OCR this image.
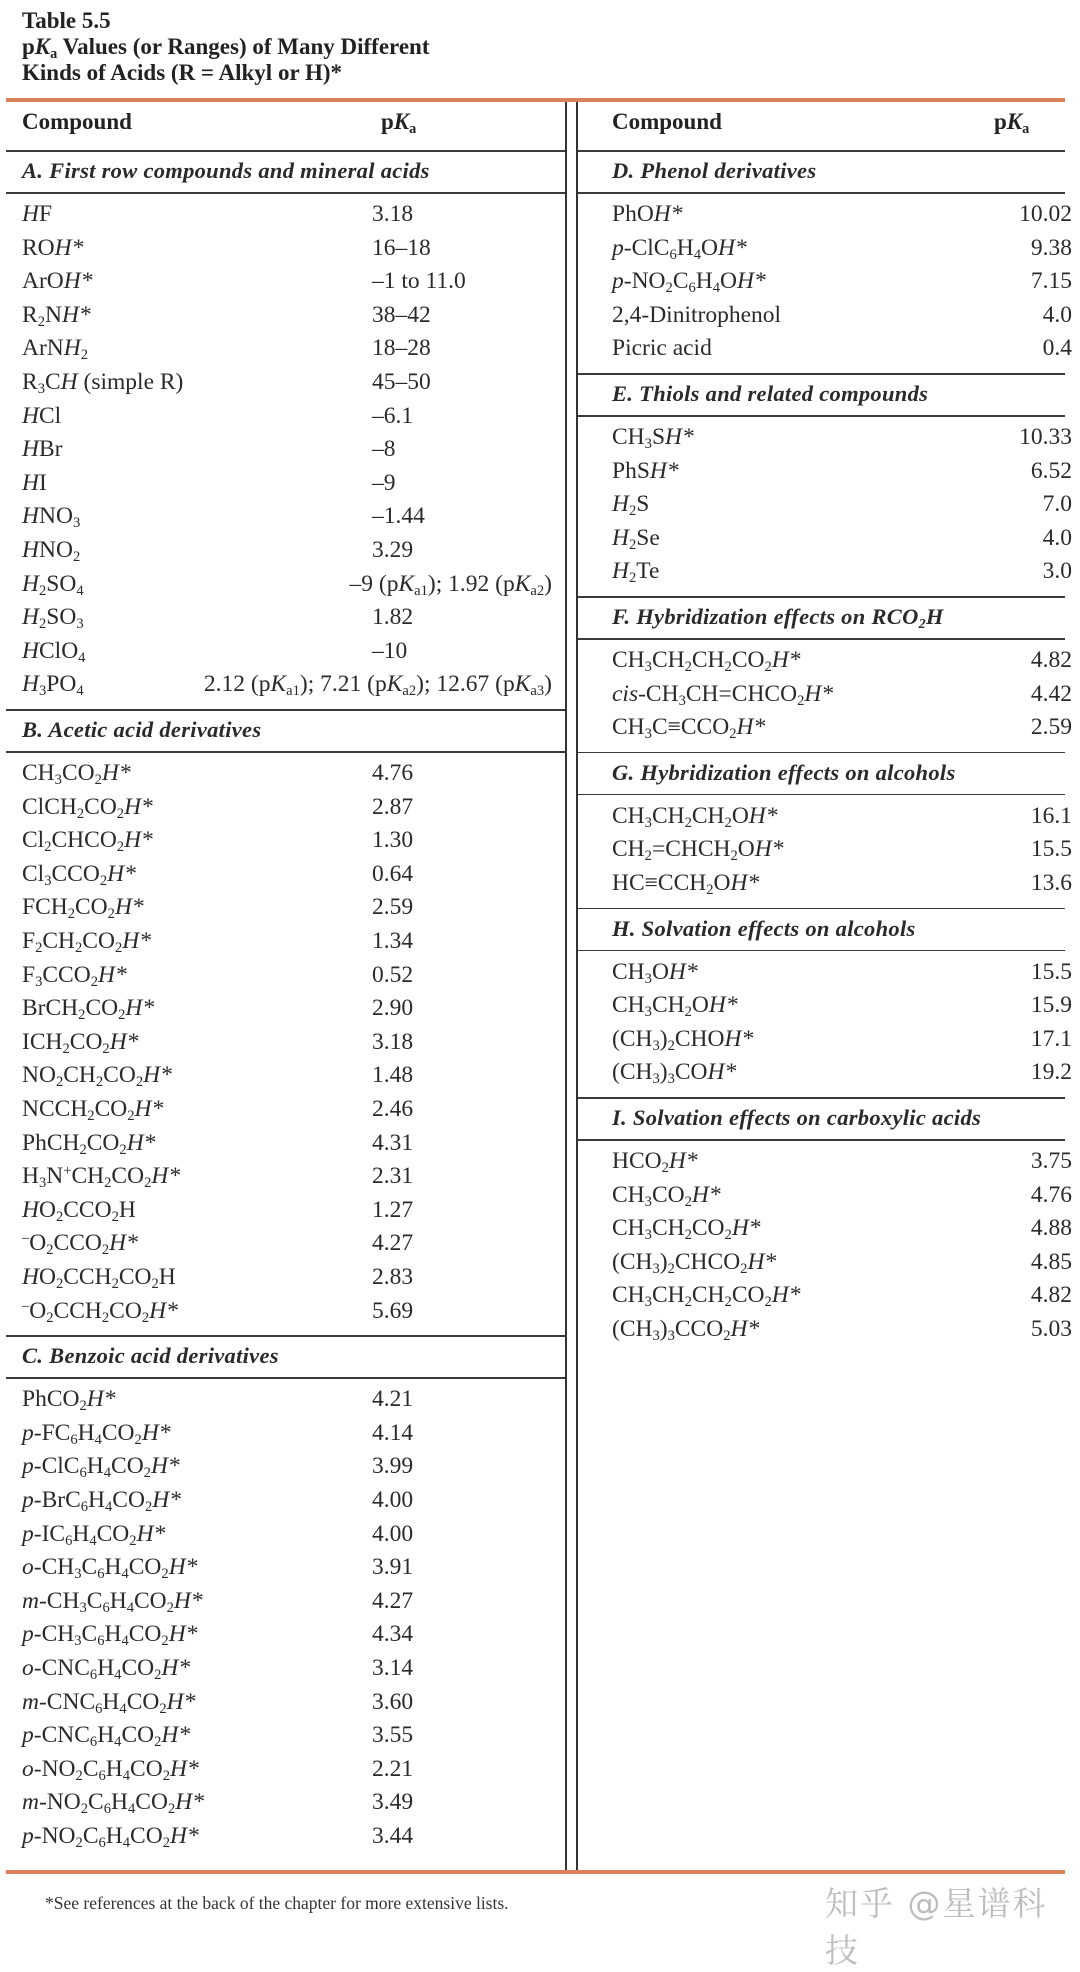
Table 5.5
$pK_a$ Values (or Ranges) of Many Different
Kinds of Acids (R = Alkyl or H)*
Compound	$pK_a$	Compound	$pK_a$
A. First row compounds and mineral acids
HF	3.18
ROH*	16–18
ArOH*	–1 to 11.0
$R_2NH*$	38–42
ArNH$_2$	18–28
$R_3CH$ (simple R)	45–50
HCl	–6.1
HBr	–8
HI	–9
$HNO_3$	–1.44
$HNO_2$	3.29
$H_2SO_4$	–9 $(pK_{a1})$; 1.92 $(pK_{a2})$
$H_2SO_3$	1.82
HClO$_4$	–10
$H_3PO_4$	2.12 $(pK_{a1})$; 7.21 $(pK_{a2})$; 12.67 $(pK_{a3})$
B. Acetic acid derivatives
$CH_3CO_2H*$	4.76
$ClCH_2CO_2H*$	2.87
$Cl_2CHCO_2H*$	1.30
$Cl_3CCO_2H*$	0.64
$FCH_2CO_2H*$	2.59
$F_2CH_2CO_2H*$	1.34
$F_3CCO_2H*$	0.52
$BrCH_2CO_2H*$	2.90
$ICH_2CO_2H*$	3.18
$NO_2CH_2CO_2H*$	1.48
$NCCH_2CO_2H*$	2.46
$PhCH_2CO_2H*$	4.31
$H_3N^+CH_2CO_2H*$	2.31
$HO_2CCO_2H$	1.27
$^-O_2CCO_2H*$	4.27
$HO_2CCH_2CO_2H$	2.83
$^-O_2CCH_2CO_2H*$	5.69
C. Benzoic acid derivatives
PhCO$_2$H*	4.21
$p-FC_6H_4CO_2H*$	4.14
$p-ClC_6H_4CO_2H*$	3.99
$p-BrC_6H_4CO_2H*$	4.00
$p-IC_6H_4CO_2H*$	4.00
$o-CH_3C_6H_4CO_2H*$	3.91
$m-CH_3C_6H_4CO_2H*$	4.27
$p-CH_3C_6H_4CO_2H*$	4.34
$o-CNC_6H_4CO_2H*$	3.14
$m-CNC_6H_4CO_2H*$	3.60
$p-CNC_6H_4CO_2H*$	3.55
$o-NO_2C_6H_4CO_2H*$	2.21
$m-NO_2C_6H_4CO_2H*$	3.49
$p-NO_2C_6H_4CO_2H*$	3.44
D. Phenol derivatives
PhOH*	10.02
$p-ClC_6H_4OH*$	9.38
$p-NO_2C_6H_4OH*$	7.15
2,4-Dinitrophenol	4.0
Picric acid	0.4
E. Thiols and related compounds
$CH_3SH*$	10.33
PhSH*	6.52
$H_2S$	7.0
$H_2Se$	4.0
$H_2Te$	3.0
F. Hybridization effects on $RCO_2H$
$CH_3CH_2CH_2CO_2H*$	4.82
cis-$CH_3CH=CHCO_2H*$	4.42
$CH_3C\equiv CCO_2H*$	2.59
G. Hybridization effects on alcohols
$CH_3CH_2CH_2OH*$	16.1
$CH_2=CHCH_2OH*$	15.5
$HC\equiv CCH_2OH*$	13.6
H. Solvation effects on alcohols
$CH_3OH*$	15.5
$CH_3CH_2OH*$	15.9
$(CH_3)_2CHOH*$	17.1
$(CH_3)_3COH*$	19.2
I. Solvation effects on carboxylic acids
$HCO_2H*$	3.75
$CH_3CO_2H*$	4.76
$CH_3CH_2CO_2H*$	4.88
$(CH_3)_2CHCO_2H*$	4.85
$CH_3CH_2CH_2CO_2H*$	4.82
$(CH_3)_3CCO_2H*$	5.03
*See references at the back of the chapter for more extensive lists.	知乎 @星谱科技
